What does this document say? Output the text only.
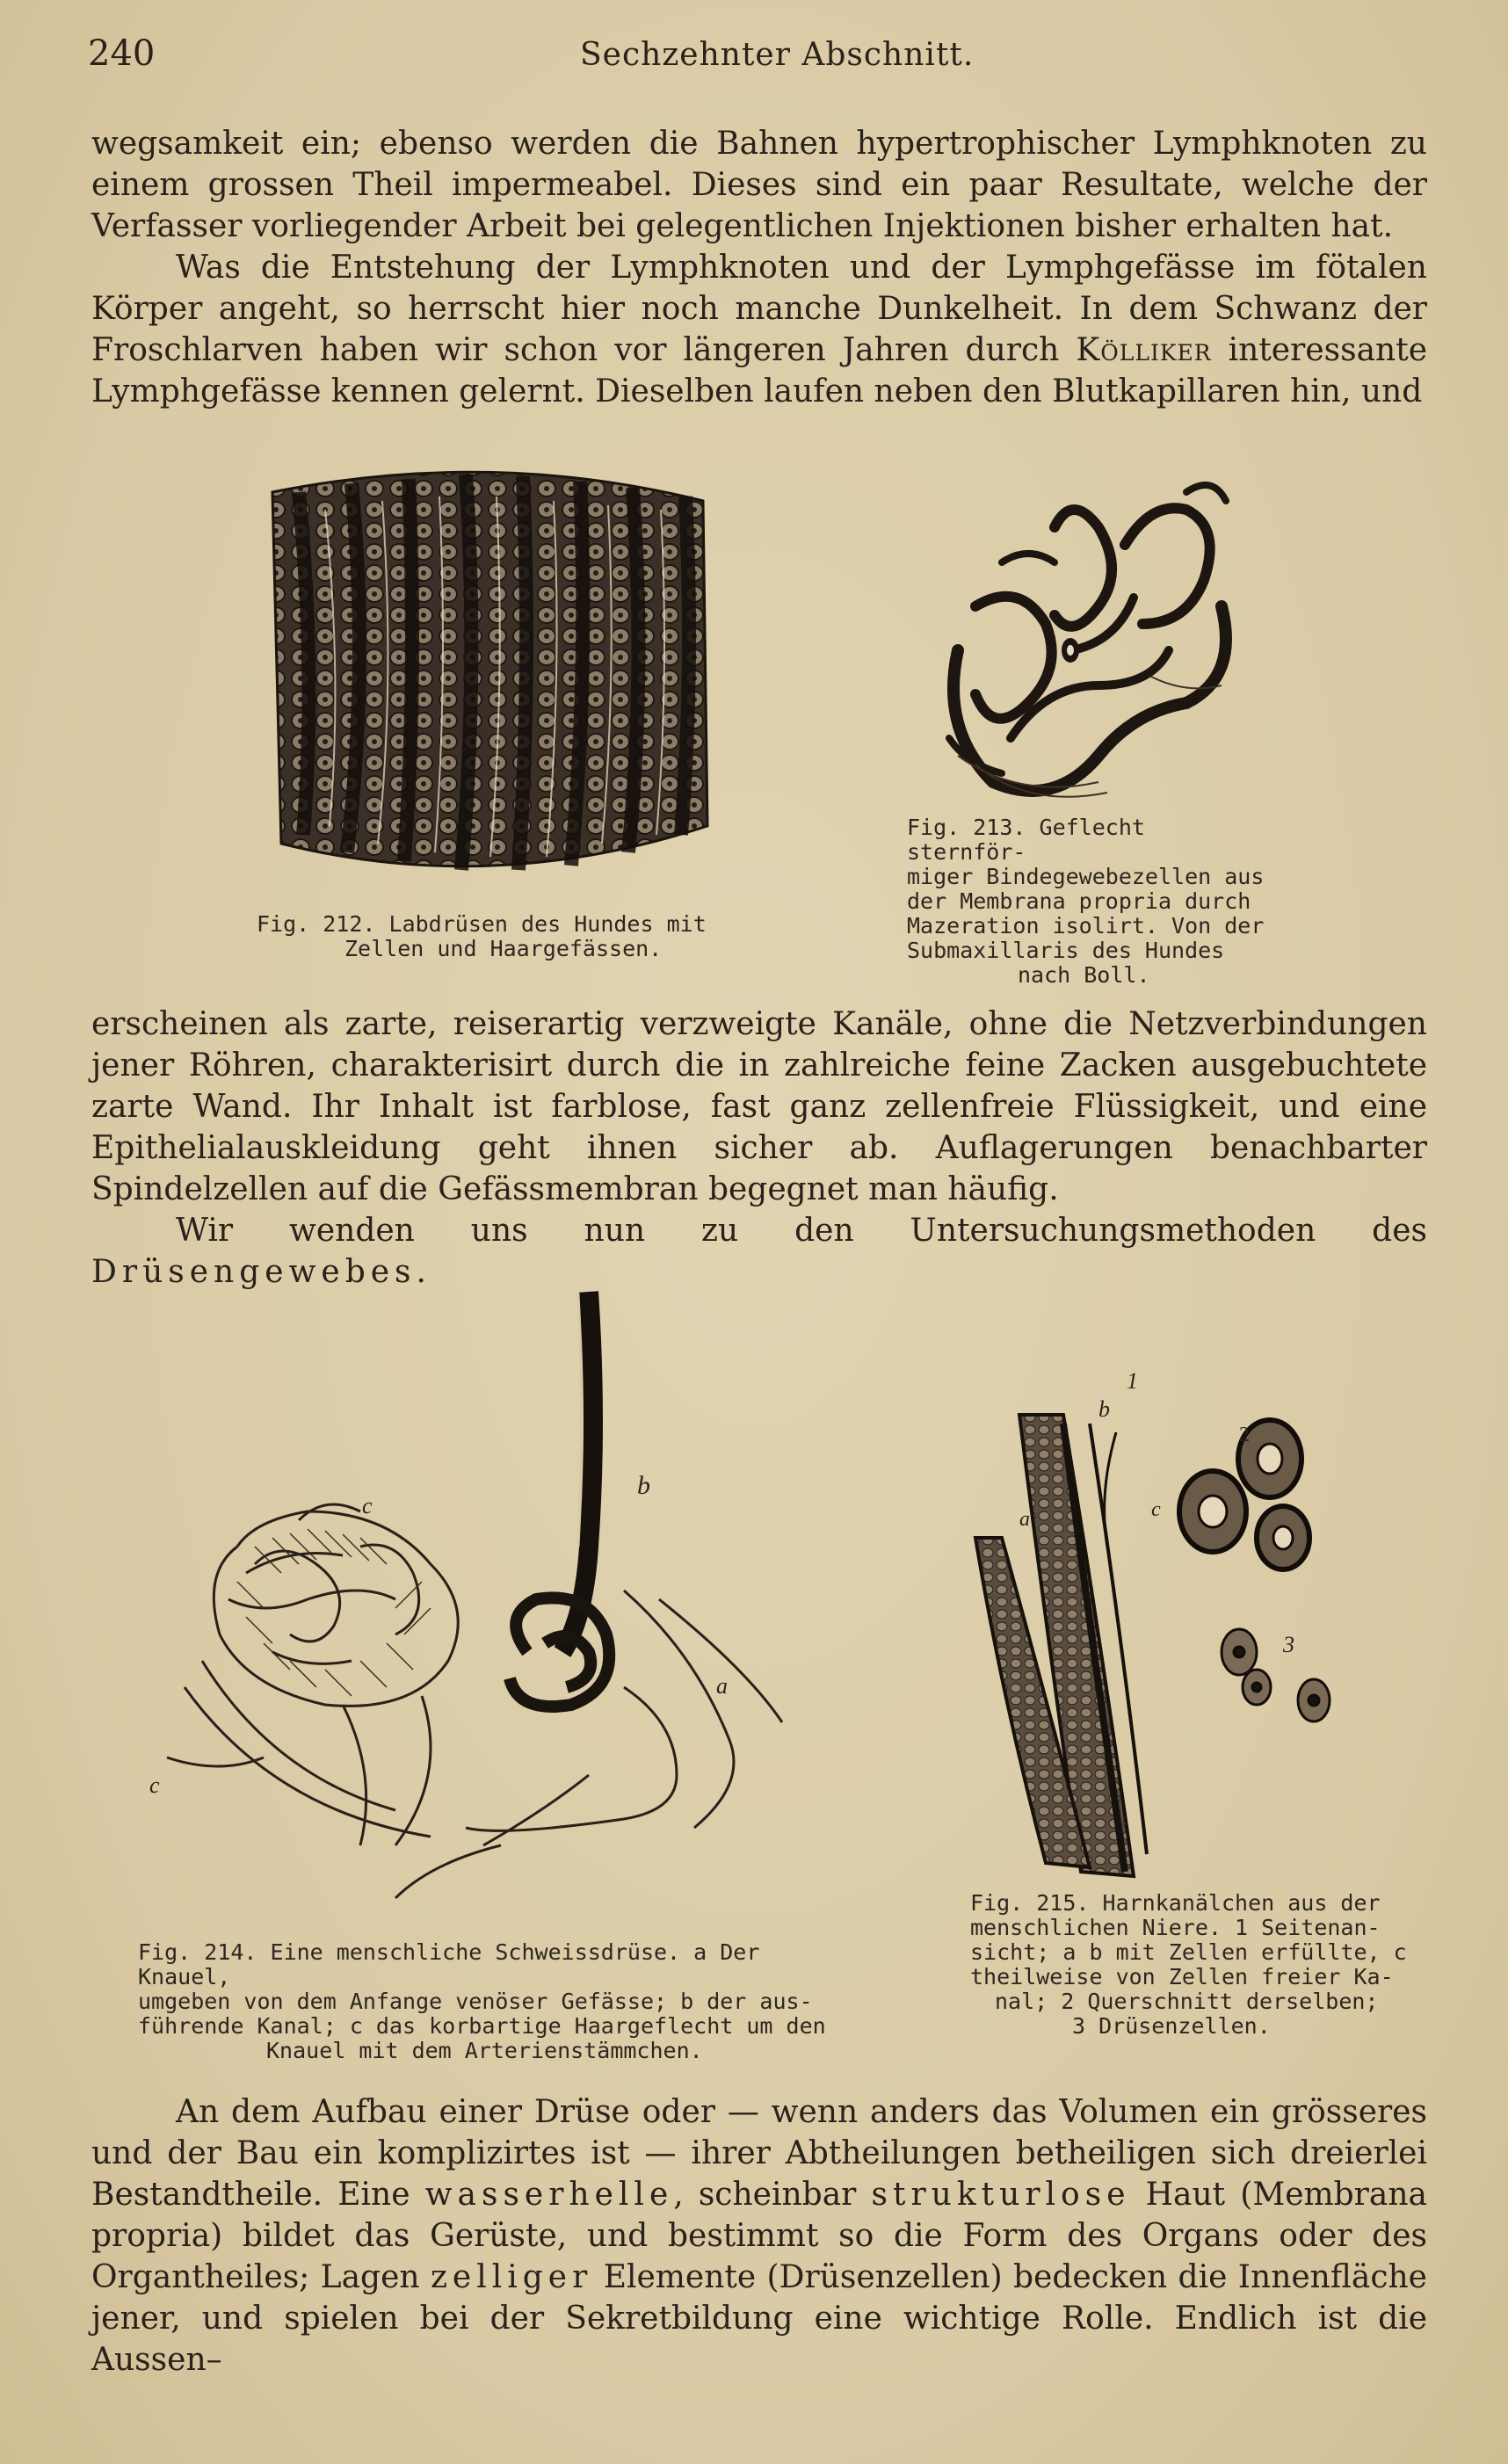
240	Sechzehnter Abschnitt.

wegsamkeit ein; ebenso werden die Bahnen hypertrophischer Lymphknoten zu einem grossen Theil impermeabel. Dieses sind ein paar Resultate, welche der Verfasser vorliegender Arbeit bei gelegentlichen Injektionen bisher erhalten hat.

Was die Entstehung der Lymphknoten und der Lymphgefässe im fötalen Körper angeht, so herrscht hier noch manche Dunkelheit. In dem Schwanz der Froschlarven haben wir schon vor längeren Jahren durch Kölliker interessante Lymphgefässe kennen gelernt. Dieselben laufen neben den Blutkapillaren hin, und

Fig. 212. Labdrüsen des Hundes mit
Zellen und Haargefässen.
Fig. 213. Geflecht sternför-
miger Bindegewebezellen aus
der Membrana propria durch
Mazeration isolirt. Von der
Submaxillaris des Hundes
nach Boll.

erscheinen als zarte, reiserartig verzweigte Kanäle, ohne die Netzverbindungen jener Röhren, charakterisirt durch die in zahlreiche feine Zacken ausgebuchtete zarte Wand. Ihr Inhalt ist farblose, fast ganz zellenfreie Flüssigkeit, und eine Epithelialauskleidung geht ihnen sicher ab. Auflagerungen benachbarter Spindelzellen auf die Gefässmembran begegnet man häufig.

Wir wenden uns nun zu den Untersuchungsmethoden des Drüsengewebes.

c
c
b
a
Fig. 214. Eine menschliche Schweissdrüse. a Der Knauel,
umgeben von dem Anfange venöser Gefässe; b der aus-
führende Kanal; c das korbartige Haargeflecht um den
Knauel mit dem Arterienstämmchen.
1
b
a	c
2
3
Fig. 215. Harnkanälchen aus der
menschlichen Niere. 1 Seitenan-
sicht; a b mit Zellen erfüllte, c
theilweise von Zellen freier Ka-
nal; 2 Querschnitt derselben;
3 Drüsenzellen.

An dem Aufbau einer Drüse oder — wenn anders das Volumen ein grösseres und der Bau ein komplizirtes ist — ihrer Abtheilungen betheiligen sich dreierlei Bestandtheile. Eine wasserhelle, scheinbar strukturlose Haut (Membrana propria) bildet das Gerüste, und bestimmt so die Form des Organs oder des Organtheiles; Lagen zelliger Elemente (Drüsenzellen) bedecken die Innenfläche jener, und spielen bei der Sekretbildung eine wichtige Rolle. Endlich ist die Aussen–
